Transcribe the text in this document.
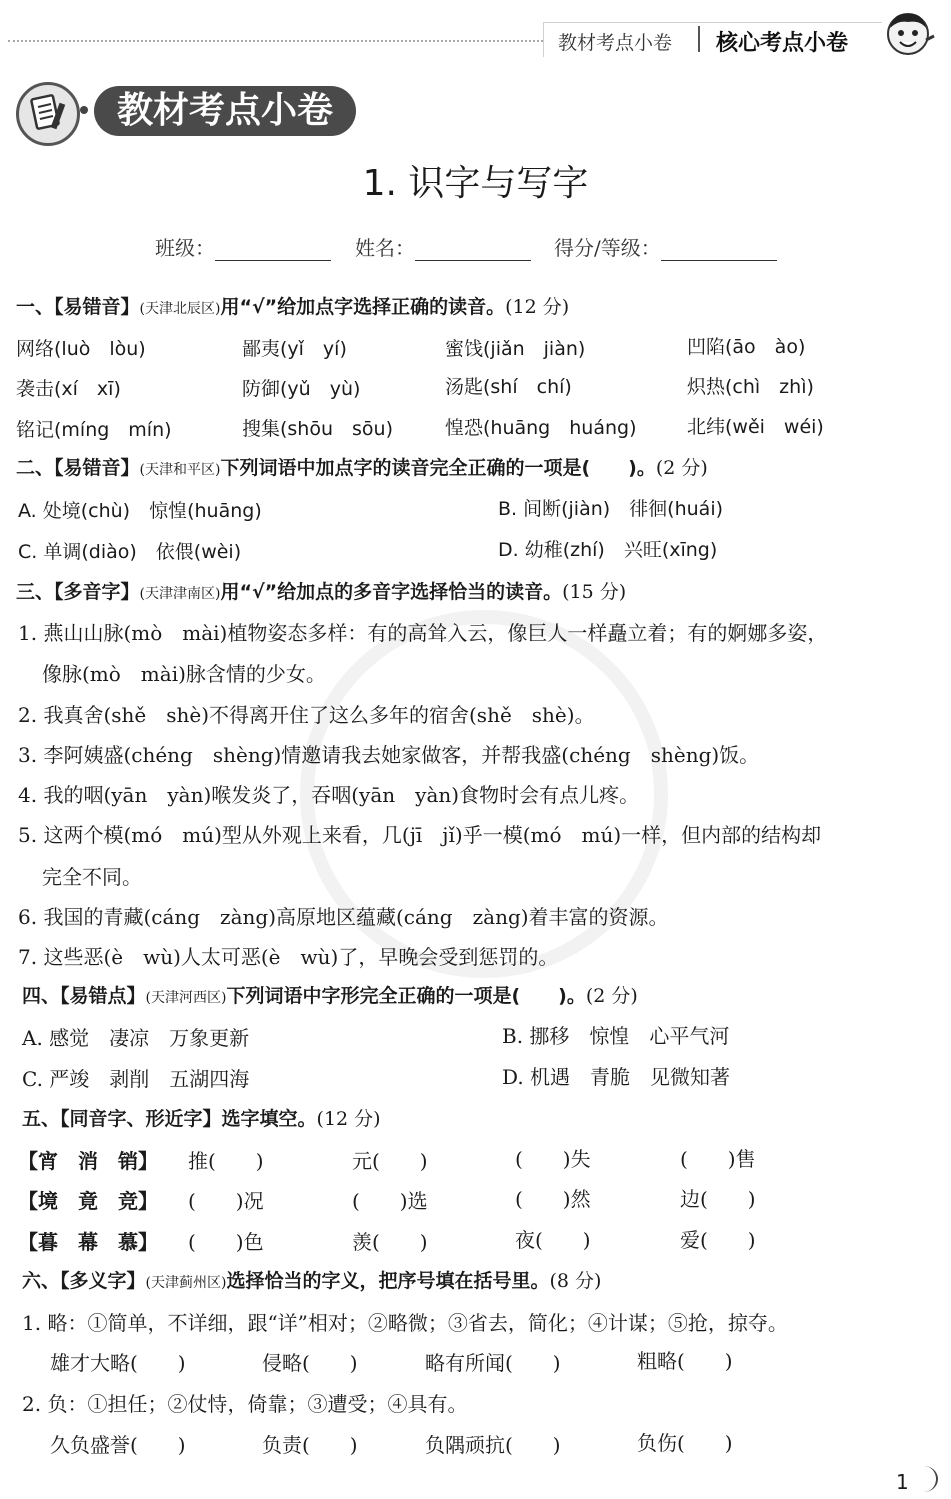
教材考点小卷 核心考点小卷
教材考点小卷
1. 识字与写字
班级：	姓名：	得分/等级：
一、【易错音】(天津北辰区)用“√”给加点字选择正确的读音。(12 分)
网络(luò　lòu)	鄙夷(yǐ　yí)	蜜饯(jiǎn　jiàn)	凹陷(āo　ào)
袭击(xí　xī)	防御(yǔ　yù)	汤匙(shí　chí)	炽热(chì　zhì)
铭记(míng　mín)	搜集(shōu　sōu)	惶恐(huāng　huáng)	北纬(wěi　wéi)
二、【易错音】(天津和平区)下列词语中加点字的读音完全正确的一项是(　　)。(2 分)
A. 处境(chù)　惊惶(huāng)	B. 间断(jiàn)　徘徊(huái)
C. 单调(diào)　依偎(wèi)	D. 幼稚(zhí)　兴旺(xīng)
三、【多音字】(天津津南区)用“√”给加点的多音字选择恰当的读音。(15 分)
1. 燕山山脉(mò　mài)植物姿态多样：有的高耸入云，像巨人一样矗立着；有的婀娜多姿，
像脉(mò　mài)脉含情的少女。
2. 我真舍(shě　shè)不得离开住了这么多年的宿舍(shě　shè)。
3. 李阿姨盛(chéng　shèng)情邀请我去她家做客，并帮我盛(chéng　shèng)饭。
4. 我的咽(yān　yàn)喉发炎了，吞咽(yān　yàn)食物时会有点儿疼。
5. 这两个模(mó　mú)型从外观上来看，几(jī　jǐ)乎一模(mó　mú)一样，但内部的结构却
完全不同。
6. 我国的青藏(cáng　zàng)高原地区蕴藏(cáng　zàng)着丰富的资源。
7. 这些恶(è　wù)人太可恶(è　wù)了，早晚会受到惩罚的。
四、【易错点】(天津河西区)下列词语中字形完全正确的一项是(　　)。(2 分)
A. 感觉　凄凉　万象更新	B. 挪移　惊惶　心平气河
C. 严竣　剥削　五湖四海	D. 机遇　青脆　见微知著
五、【同音字、形近字】选字填空。(12 分)
【宵　消　销】 推(　　)	元(　　)	(　　)失	(　　)售
【境　竟　竞】 (　　)况	(　　)选	(　　)然	边(　　)
【暮　幕　慕】 (　　)色	羡(　　)	夜(　　)	爱(　　)
六、【多义字】(天津蓟州区)选择恰当的字义，把序号填在括号里。(8 分)
1. 略：①简单，不详细，跟“详”相对；②略微；③省去，简化；④计谋；⑤抢，掠夺。
雄才大略(　　)	侵略(　　)	略有所闻(　　)	粗略(　　)
2. 负：①担任；②仗恃，倚靠；③遭受；④具有。
久负盛誉(　　)	负责(　　)	负隅顽抗(　　)	负伤(　　)
1
